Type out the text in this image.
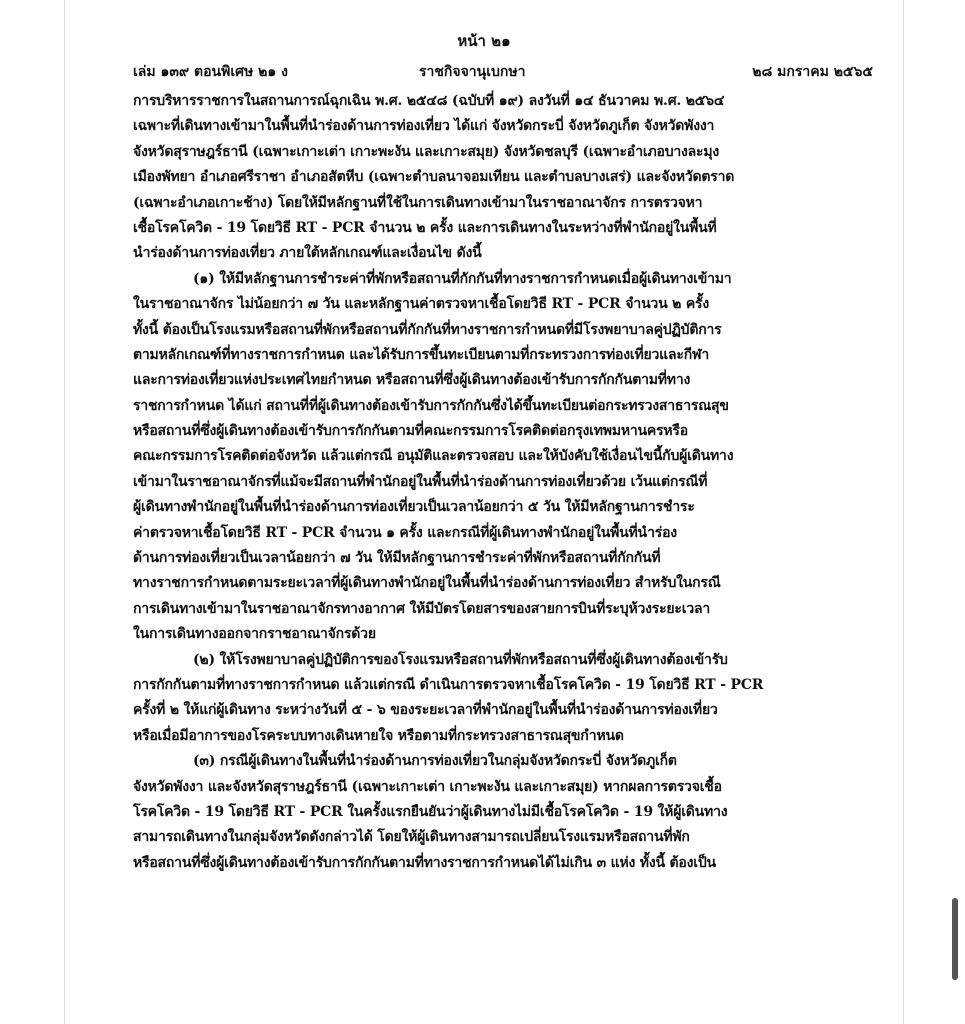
หน้า ๒๑
เล่ม ๑๓๙ ตอนพิเศษ ๒๑ ง	ราชกิจจานุเบกษา	๒๘ มกราคม ๒๕๖๕
การบริหารราชการในสถานการณ์ฉุกเฉิน พ.ศ. ๒๕๔๘ (ฉบับที่ ๑๙) ลงวันที่ ๑๔ ธันวาคม พ.ศ. ๒๕๖๔
เฉพาะที่เดินทางเข้ามาในพื้นที่นำร่องด้านการท่องเที่ยว ได้แก่ จังหวัดกระบี่ จังหวัดภูเก็ต จังหวัดพังงา
จังหวัดสุราษฎร์ธานี (เฉพาะเกาะเต่า เกาะพะงัน และเกาะสมุย) จังหวัดชลบุรี (เฉพาะอำเภอบางละมุง
เมืองพัทยา อำเภอศรีราชา อำเภอสัตหีบ (เฉพาะตำบลนาจอมเทียน และตำบลบางเสร่) และจังหวัดตราด
(เฉพาะอำเภอเกาะช้าง) โดยให้มีหลักฐานที่ใช้ในการเดินทางเข้ามาในราชอาณาจักร การตรวจหา
เชื้อโรคโควิด - 19 โดยวิธี RT - PCR จำนวน ๒ ครั้ง และการเดินทางในระหว่างที่พำนักอยู่ในพื้นที่
นำร่องด้านการท่องเที่ยว ภายใต้หลักเกณฑ์และเงื่อนไข ดังนี้
(๑) ให้มีหลักฐานการชำระค่าที่พักหรือสถานที่กักกันที่ทางราชการกำหนดเมื่อผู้เดินทางเข้ามา
ในราชอาณาจักร ไม่น้อยกว่า ๗ วัน และหลักฐานค่าตรวจหาเชื้อโดยวิธี RT - PCR จำนวน ๒ ครั้ง
ทั้งนี้ ต้องเป็นโรงแรมหรือสถานที่พักหรือสถานที่กักกันที่ทางราชการกำหนดที่มีโรงพยาบาลคู่ปฏิบัติการ
ตามหลักเกณฑ์ที่ทางราชการกำหนด และได้รับการขึ้นทะเบียนตามที่กระทรวงการท่องเที่ยวและกีฬา
และการท่องเที่ยวแห่งประเทศไทยกำหนด หรือสถานที่ซึ่งผู้เดินทางต้องเข้ารับการกักกันตามที่ทาง
ราชการกำหนด ได้แก่ สถานที่ที่ผู้เดินทางต้องเข้ารับการกักกันซึ่งได้ขึ้นทะเบียนต่อกระทรวงสาธารณสุข
หรือสถานที่ซึ่งผู้เดินทางต้องเข้ารับการกักกันตามที่คณะกรรมการโรคติดต่อกรุงเทพมหานครหรือ
คณะกรรมการโรคติดต่อจังหวัด แล้วแต่กรณี อนุมัติและตรวจสอบ และให้บังคับใช้เงื่อนไขนี้กับผู้เดินทาง
เข้ามาในราชอาณาจักรที่แม้จะมีสถานที่พำนักอยู่ในพื้นที่นำร่องด้านการท่องเที่ยวด้วย เว้นแต่กรณีที่
ผู้เดินทางพำนักอยู่ในพื้นที่นำร่องด้านการท่องเที่ยวเป็นเวลาน้อยกว่า ๕ วัน ให้มีหลักฐานการชำระ
ค่าตรวจหาเชื้อโดยวิธี RT - PCR จำนวน ๑ ครั้ง และกรณีที่ผู้เดินทางพำนักอยู่ในพื้นที่นำร่อง
ด้านการท่องเที่ยวเป็นเวลาน้อยกว่า ๗ วัน ให้มีหลักฐานการชำระค่าที่พักหรือสถานที่กักกันที่
ทางราชการกำหนดตามระยะเวลาที่ผู้เดินทางพำนักอยู่ในพื้นที่นำร่องด้านการท่องเที่ยว สำหรับในกรณี
การเดินทางเข้ามาในราชอาณาจักรทางอากาศ ให้มีบัตรโดยสารของสายการบินที่ระบุห้วงระยะเวลา
ในการเดินทางออกจากราชอาณาจักรด้วย
(๒) ให้โรงพยาบาลคู่ปฏิบัติการของโรงแรมหรือสถานที่พักหรือสถานที่ซึ่งผู้เดินทางต้องเข้ารับ
การกักกันตามที่ทางราชการกำหนด แล้วแต่กรณี ดำเนินการตรวจหาเชื้อโรคโควิด - 19 โดยวิธี RT - PCR
ครั้งที่ ๒ ให้แก่ผู้เดินทาง ระหว่างวันที่ ๕ - ๖ ของระยะเวลาที่พำนักอยู่ในพื้นที่นำร่องด้านการท่องเที่ยว
หรือเมื่อมีอาการของโรคระบบทางเดินหายใจ หรือตามที่กระทรวงสาธารณสุขกำหนด
(๓) กรณีผู้เดินทางในพื้นที่นำร่องด้านการท่องเที่ยวในกลุ่มจังหวัดกระบี่ จังหวัดภูเก็ต
จังหวัดพังงา และจังหวัดสุราษฎร์ธานี (เฉพาะเกาะเต่า เกาะพะงัน และเกาะสมุย) หากผลการตรวจเชื้อ
โรคโควิด - 19 โดยวิธี RT - PCR ในครั้งแรกยืนยันว่าผู้เดินทางไม่มีเชื้อโรคโควิด - 19 ให้ผู้เดินทาง
สามารถเดินทางในกลุ่มจังหวัดดังกล่าวได้ โดยให้ผู้เดินทางสามารถเปลี่ยนโรงแรมหรือสถานที่พัก
หรือสถานที่ซึ่งผู้เดินทางต้องเข้ารับการกักกันตามที่ทางราชการกำหนดได้ไม่เกิน ๓ แห่ง ทั้งนี้ ต้องเป็น
